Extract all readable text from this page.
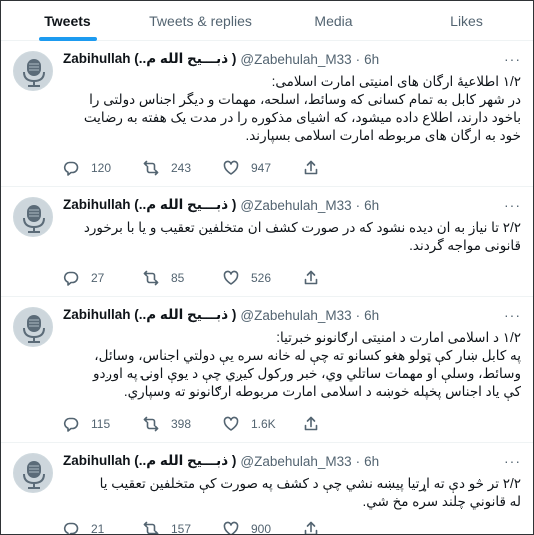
Tweets	Tweets & replies	Media	Likes
Zabihullah (..ذبـــیح الله م ) @Zabehulah_M33 · 6h	···
۱/۲ اطلاعیهٔ ارگان های امنیتی امارت اسلامی:
در شهر کابل به تمام کسانی که وسائط، اسلحه، مهمات و دیگر اجناس دولتی را
باخود دارند، اطلاع داده میشود، که اشیای مذکوره را در مدت یک هفته به رضایت
خود به ارگان های مربوطه امارت اسلامی بسپارند.
120	243	947
Zabihullah (..ذبـــیح الله م ) @Zabehulah_M33 · 6h	···
۲/۲ تا نیاز به ان دیده نشود که در صورت کشف ان متخلفین تعقیب و یا با برخورد
قانونی مواجه گردند.
27	85	526
Zabihullah (..ذبـــیح الله م ) @Zabehulah_M33 · 6h	···
۱/۲ د اسلامی امارت د امنیتی ارګانونو خبرتیا:
په کابل ښار کې ټولو هغو کسانو ته چې له خانه سره یې دولتي اجناس، وسائل،
وسائط، وسلې او مهمات ساتلي وي، خبر ورکول کیږي چې د یوې اونۍ په اوږدو
کې یاد اجناس پخپله خوښه د اسلامی امارت مربوطه ارګانونو ته وسپاري.
115	398	1.6K
Zabihullah (..ذبـــیح الله م ) @Zabehulah_M33 · 6h	···
۲/۲ تر څو دې ته اړتیا پیښه نشي چې د کشف په صورت کې متخلفین تعقیب یا
له قانوني چلند سره مخ شي.
21	157	900
